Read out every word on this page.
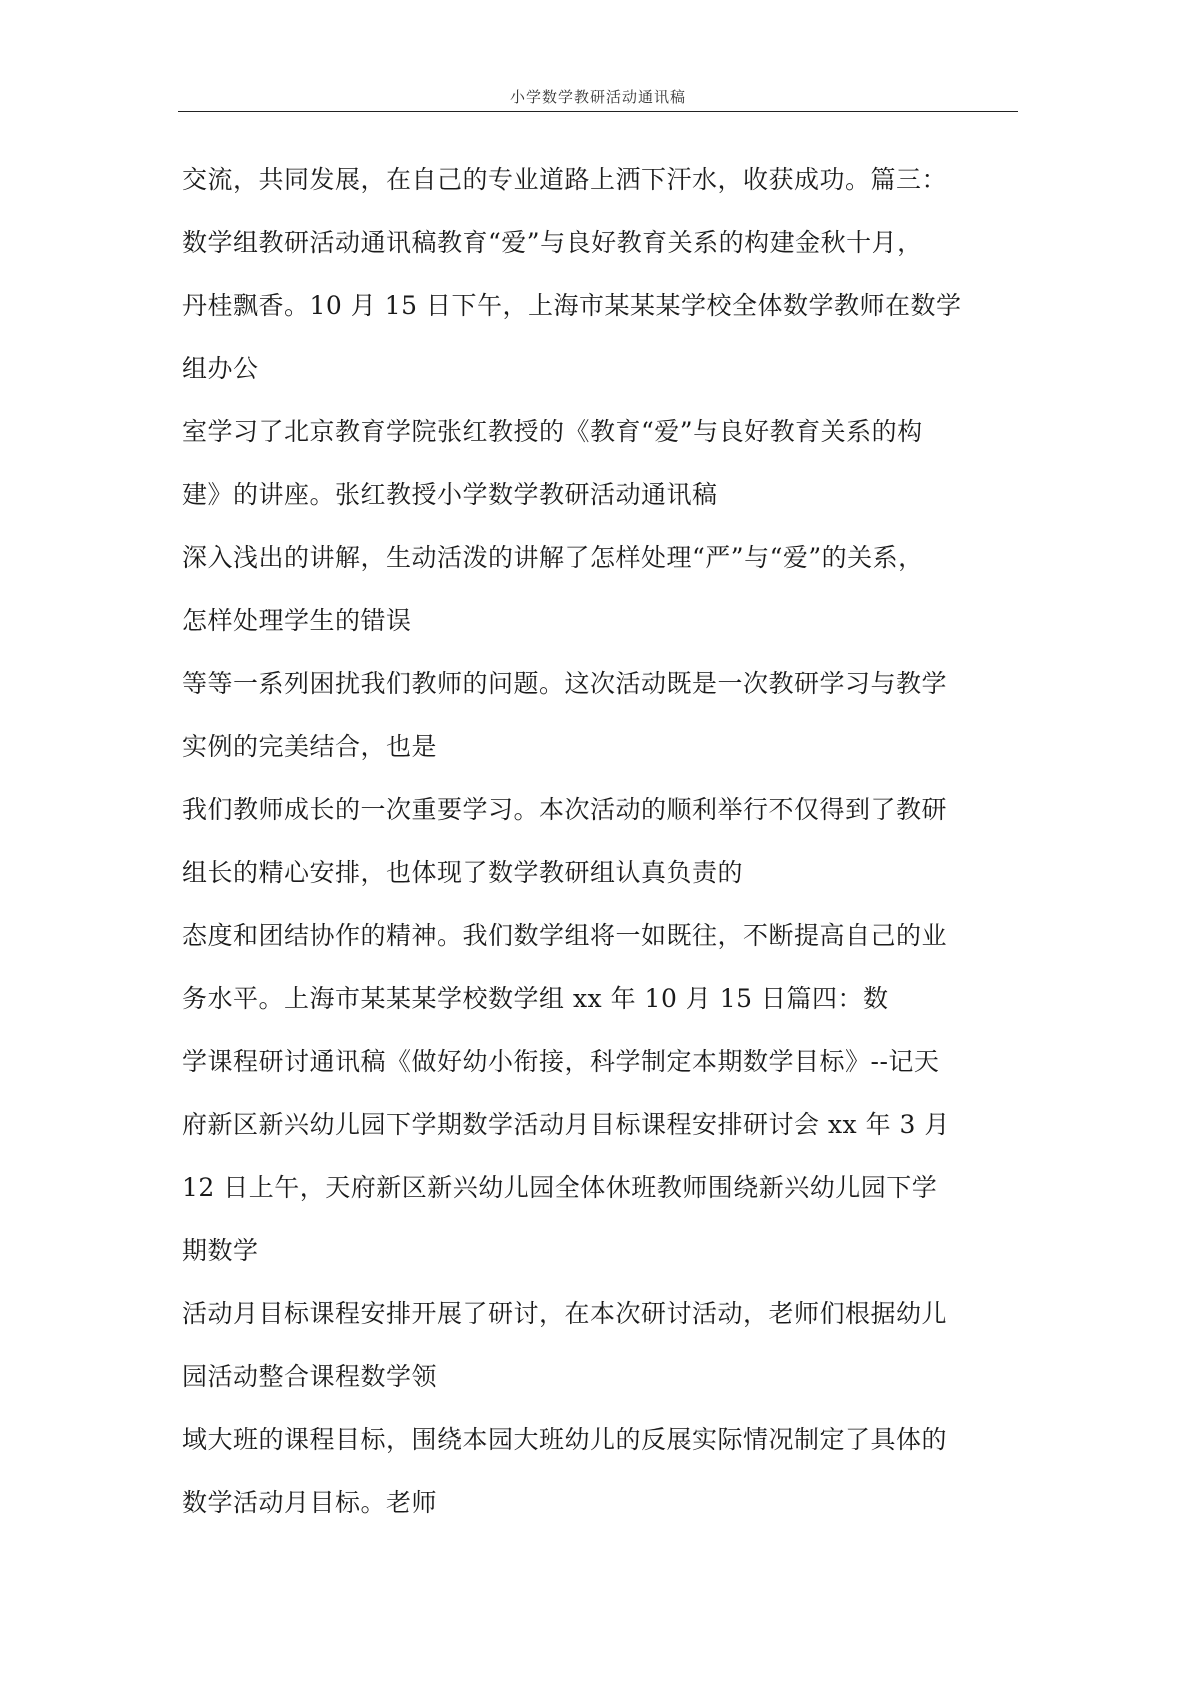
小学数学教研活动通讯稿
交流，共同发展，在自己的专业道路上洒下汗水，收获成功。篇三：
数学组教研活动通讯稿教育“爱”与良好教育关系的构建金秋十月，
丹桂飘香。10 月 15 日下午，上海市某某某学校全体数学教师在数学
组办公
室学习了北京教育学院张红教授的《教育“爱”与良好教育关系的构
建》的讲座。张红教授小学数学教研活动通讯稿
深入浅出的讲解，生动活泼的讲解了怎样处理“严”与“爱”的关系，
怎样处理学生的错误
等等一系列困扰我们教师的问题。这次活动既是一次教研学习与教学
实例的完美结合，也是
我们教师成长的一次重要学习。本次活动的顺利举行不仅得到了教研
组长的精心安排，也体现了数学教研组认真负责的
态度和团结协作的精神。我们数学组将一如既往，不断提高自己的业
务水平。上海市某某某学校数学组 xx 年 10 月 15 日篇四：数
学课程研讨通讯稿《做好幼小衔接，科学制定本期数学目标》--记天
府新区新兴幼儿园下学期数学活动月目标课程安排研讨会 xx 年 3 月
12 日上午，天府新区新兴幼儿园全体休班教师围绕新兴幼儿园下学
期数学
活动月目标课程安排开展了研讨，在本次研讨活动，老师们根据幼儿
园活动整合课程数学领
域大班的课程目标，围绕本园大班幼儿的反展实际情况制定了具体的
数学活动月目标。老师
